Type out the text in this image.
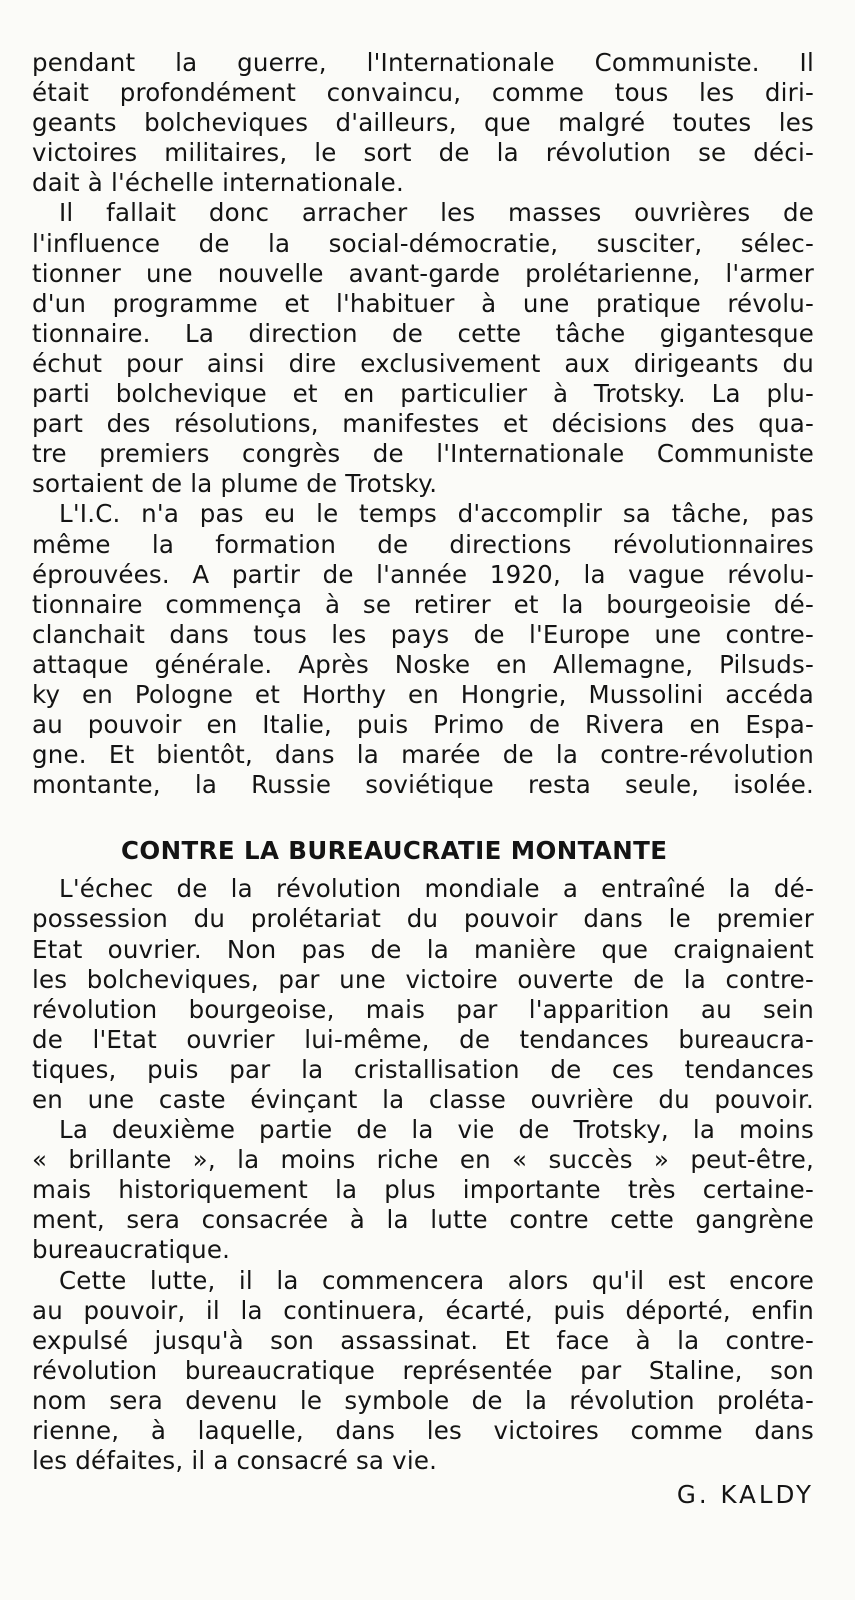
pendant la guerre, l'Internationale Communiste. Il
était profondément convaincu, comme tous les diri-
geants bolcheviques d'ailleurs, que malgré toutes les
victoires militaires, le sort de la révolution se déci-
dait à l'échelle internationale.
Il fallait donc arracher les masses ouvrières de
l'influence de la social-démocratie, susciter, sélec-
tionner une nouvelle avant-garde prolétarienne, l'armer
d'un programme et l'habituer à une pratique révolu-
tionnaire. La direction de cette tâche gigantesque
échut pour ainsi dire exclusivement aux dirigeants du
parti bolchevique et en particulier à Trotsky. La plu-
part des résolutions, manifestes et décisions des qua-
tre premiers congrès de l'Internationale Communiste
sortaient de la plume de Trotsky.
L'I.C. n'a pas eu le temps d'accomplir sa tâche, pas
même la formation de directions révolutionnaires
éprouvées. A partir de l'année 1920, la vague révolu-
tionnaire commença à se retirer et la bourgeoisie dé-
clanchait dans tous les pays de l'Europe une contre-
attaque générale. Après Noske en Allemagne, Pilsuds-
ky en Pologne et Horthy en Hongrie, Mussolini accéda
au pouvoir en Italie, puis Primo de Rivera en Espa-
gne. Et bientôt, dans la marée de la contre-révolution
montante, la Russie soviétique resta seule, isolée.
CONTRE LA BUREAUCRATIE MONTANTE
L'échec de la révolution mondiale a entraîné la dé-
possession du prolétariat du pouvoir dans le premier
Etat ouvrier. Non pas de la manière que craignaient
les bolcheviques, par une victoire ouverte de la contre-
révolution bourgeoise, mais par l'apparition au sein
de l'Etat ouvrier lui-même, de tendances bureaucra-
tiques, puis par la cristallisation de ces tendances
en une caste évinçant la classe ouvrière du pouvoir.
La deuxième partie de la vie de Trotsky, la moins
« brillante », la moins riche en « succès » peut-être,
mais historiquement la plus importante très certaine-
ment, sera consacrée à la lutte contre cette gangrène
bureaucratique.
Cette lutte, il la commencera alors qu'il est encore
au pouvoir, il la continuera, écarté, puis déporté, enfin
expulsé jusqu'à son assassinat. Et face à la contre-
révolution bureaucratique représentée par Staline, son
nom sera devenu le symbole de la révolution proléta-
rienne, à laquelle, dans les victoires comme dans
les défaites, il a consacré sa vie.
G. KALDY
